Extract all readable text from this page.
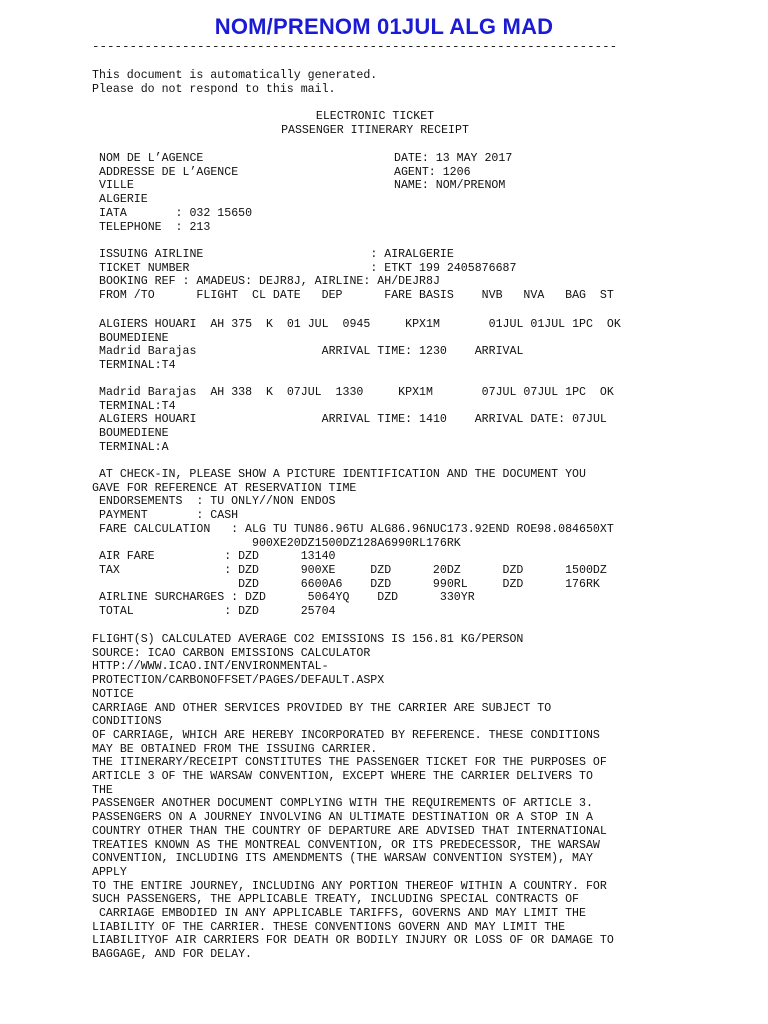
NOM/PRENOM 01JUL ALG MAD
----------------------------------------------------------------------
This document is automatically generated.
Please do not respond to this mail.
ELECTRONIC TICKET
PASSENGER ITINERARY RECEIPT
NOM DE L’AGENCE
ADDRESSE DE L’AGENCE
VILLE
ALGERIE
IATA       : 032 15650
TELEPHONE  : 213
DATE: 13 MAY 2017
AGENT: 1206
NAME: NOM/PRENOM
ISSUING AIRLINE                        : AIRALGERIE
TICKET NUMBER                          : ETKT 199 2405876687
BOOKING REF : AMADEUS: DEJR8J, AIRLINE: AH/DEJR8J
FROM /TO      FLIGHT  CL DATE   DEP      FARE BASIS    NVB   NVA   BAG  ST
ALGIERS HOUARI  AH 375  K  01 JUL  0945     KPX1M       01JUL 01JUL 1PC  OK
BOUMEDIENE
Madrid Barajas                  ARRIVAL TIME: 1230    ARRIVAL
TERMINAL:T4
Madrid Barajas  AH 338  K  07JUL  1330     KPX1M       07JUL 07JUL 1PC  OK
TERMINAL:T4
ALGIERS HOUARI                  ARRIVAL TIME: 1410    ARRIVAL DATE: 07JUL
BOUMEDIENE
TERMINAL:A
AT CHECK-IN, PLEASE SHOW A PICTURE IDENTIFICATION AND THE DOCUMENT YOU
GAVE FOR REFERENCE AT RESERVATION TIME
ENDORSEMENTS  : TU ONLY//NON ENDOS
PAYMENT       : CASH
FARE CALCULATION   : ALG TU TUN86.96TU ALG86.96NUC173.92END ROE98.084650XT
900XE20DZ1500DZ128A6990RL176RK
AIR FARE          : DZD      13140
TAX               : DZD      900XE     DZD      20DZ      DZD      1500DZ
DZD      6600A6    DZD      990RL     DZD      176RK
AIRLINE SURCHARGES : DZD      5064YQ    DZD      330YR
TOTAL             : DZD      25704
FLIGHT(S) CALCULATED AVERAGE CO2 EMISSIONS IS 156.81 KG/PERSON
SOURCE: ICAO CARBON EMISSIONS CALCULATOR
HTTP://WWW.ICAO.INT/ENVIRONMENTAL-
PROTECTION/CARBONOFFSET/PAGES/DEFAULT.ASPX
NOTICE
CARRIAGE AND OTHER SERVICES PROVIDED BY THE CARRIER ARE SUBJECT TO
CONDITIONS
OF CARRIAGE, WHICH ARE HEREBY INCORPORATED BY REFERENCE. THESE CONDITIONS
MAY BE OBTAINED FROM THE ISSUING CARRIER.
THE ITINERARY/RECEIPT CONSTITUTES THE PASSENGER TICKET FOR THE PURPOSES OF
ARTICLE 3 OF THE WARSAW CONVENTION, EXCEPT WHERE THE CARRIER DELIVERS TO
THE
PASSENGER ANOTHER DOCUMENT COMPLYING WITH THE REQUIREMENTS OF ARTICLE 3.
PASSENGERS ON A JOURNEY INVOLVING AN ULTIMATE DESTINATION OR A STOP IN A
COUNTRY OTHER THAN THE COUNTRY OF DEPARTURE ARE ADVISED THAT INTERNATIONAL
TREATIES KNOWN AS THE MONTREAL CONVENTION, OR ITS PREDECESSOR, THE WARSAW
CONVENTION, INCLUDING ITS AMENDMENTS (THE WARSAW CONVENTION SYSTEM), MAY
APPLY
TO THE ENTIRE JOURNEY, INCLUDING ANY PORTION THEREOF WITHIN A COUNTRY. FOR
SUCH PASSENGERS, THE APPLICABLE TREATY, INCLUDING SPECIAL CONTRACTS OF
CARRIAGE EMBODIED IN ANY APPLICABLE TARIFFS, GOVERNS AND MAY LIMIT THE
LIABILITY OF THE CARRIER. THESE CONVENTIONS GOVERN AND MAY LIMIT THE
LIABILITYOF AIR CARRIERS FOR DEATH OR BODILY INJURY OR LOSS OF OR DAMAGE TO
BAGGAGE, AND FOR DELAY.
